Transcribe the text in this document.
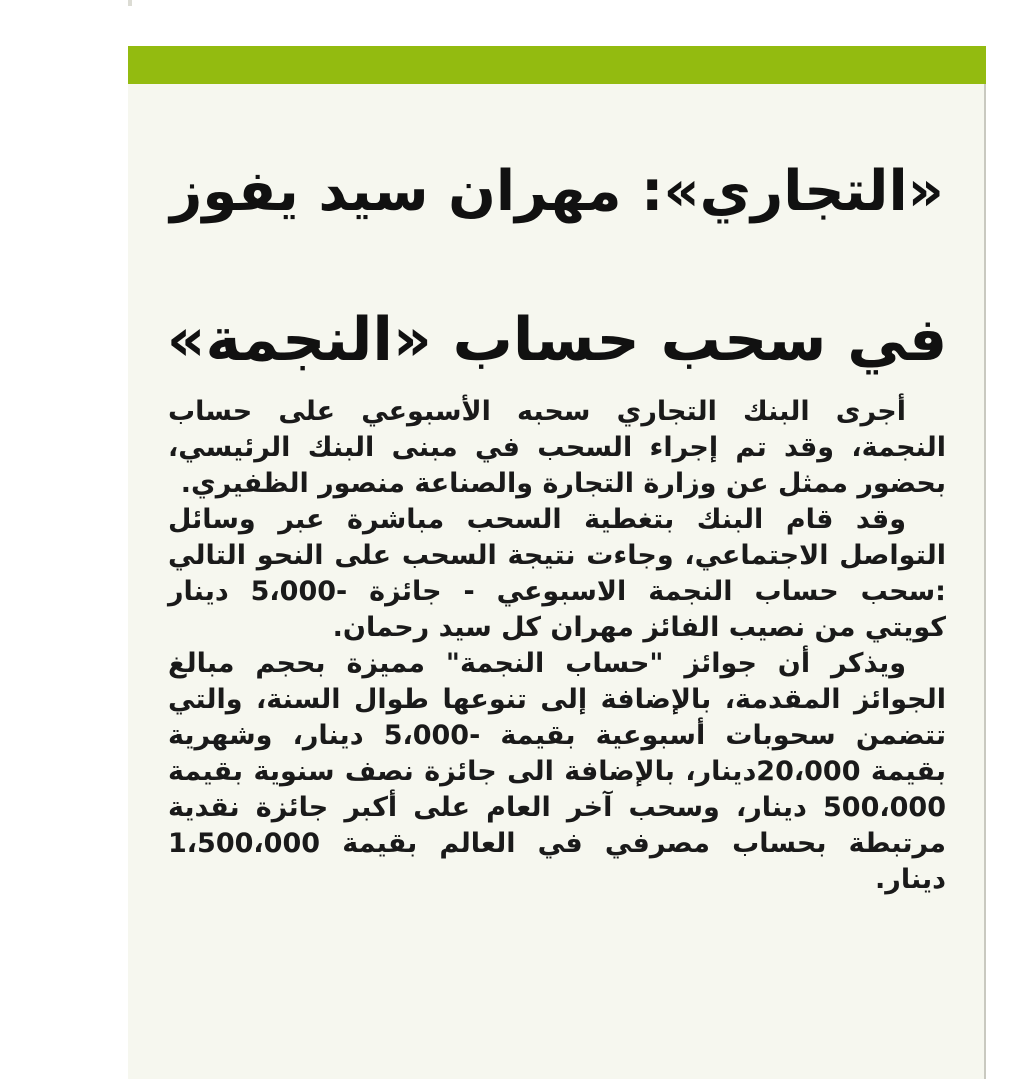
«التجاري»: مهران سيد يفوز
في سحب حساب «النجمة»

أجرى البنك التجاري سحبه الأسبوعي على حساب النجمة، وقد تم إجراء السحب في مبنى البنك الرئيسي، بحضور ممثل عن وزارة التجارة والصناعة منصور الظفيري.

وقد قام البنك بتغطية السحب مباشرة عبر وسائل التواصل الاجتماعي، وجاءت نتيجة السحب على النحو التالي :سحب حساب النجمة الاسبوعي - جائزة -5،000 دينار كويتي من نصيب الفائز مهران كل سيد رحمان.

ويذكر أن جوائز "حساب النجمة" مميزة بحجم مبالغ الجوائز المقدمة، بالإضافة إلى تنوعها طوال السنة، والتي تتضمن سحوبات أسبوعية بقيمة -5،000 دينار، وشهرية بقيمة 20،000دينار، بالإضافة الى جائزة نصف سنوية بقيمة 500،000 دينار، وسحب آخر العام على أكبر جائزة نقدية مرتبطة بحساب مصرفي في العالم بقيمة 1،500،000 دينار.
